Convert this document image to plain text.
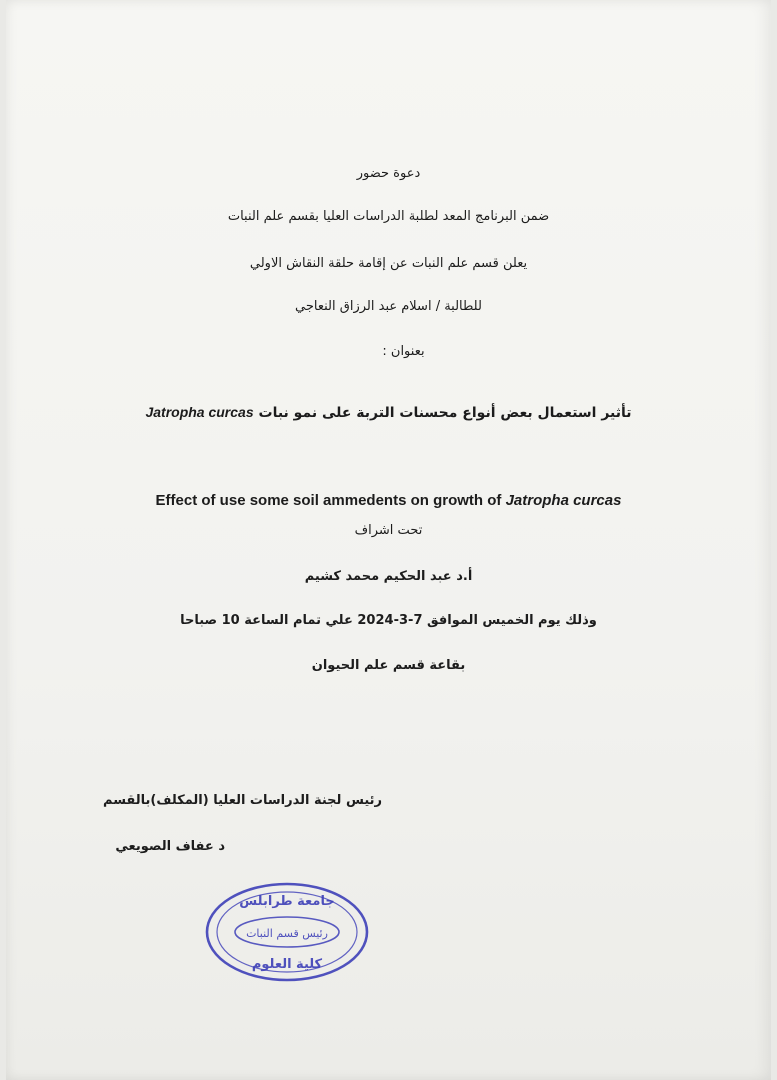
دعوة حضور
ضمن البرنامج المعد لطلبة الدراسات العليا بقسم علم النبات
يعلن قسم علم النبات عن إقامة حلقة النقاش الاولي
للطالبة / اسلام عبد الرزاق النعاجي
بعنوان :
تأثير استعمال بعض أنواع محسنات التربة على نمو نبات Jatropha curcas
Effect of use some soil ammedents on growth of Jatropha curcas
تحت اشراف
أ.د عبد الحكيم محمد كشيم
وذلك يوم الخميس الموافق 7-3-2024 علي تمام الساعة 10 صباحا
بقاعة قسم علم الحيوان
رئيس لجنة الدراسات العليا (المكلف)بالقسم
د عفاف الصويعي
جامعة طرابلس
رئيس قسم النبات
كلية العلوم
